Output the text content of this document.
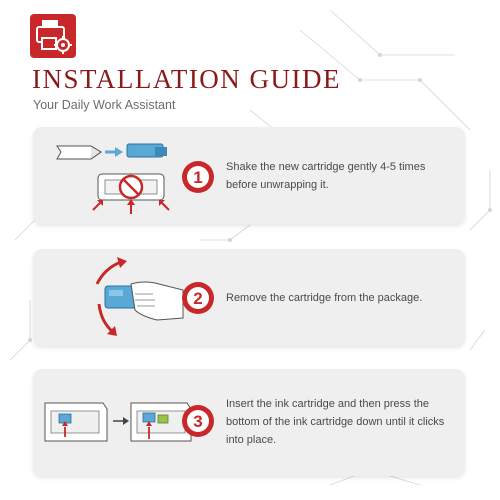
INSTALLATION GUIDE
Your Daily Work Assistant
1
Shake the new cartridge gently 4-5 times before unwrapping it.
2 Remove the cartridge from the package.
3
Insert the ink cartridge and then press the bottom of the ink cartridge down until it clicks into place.
